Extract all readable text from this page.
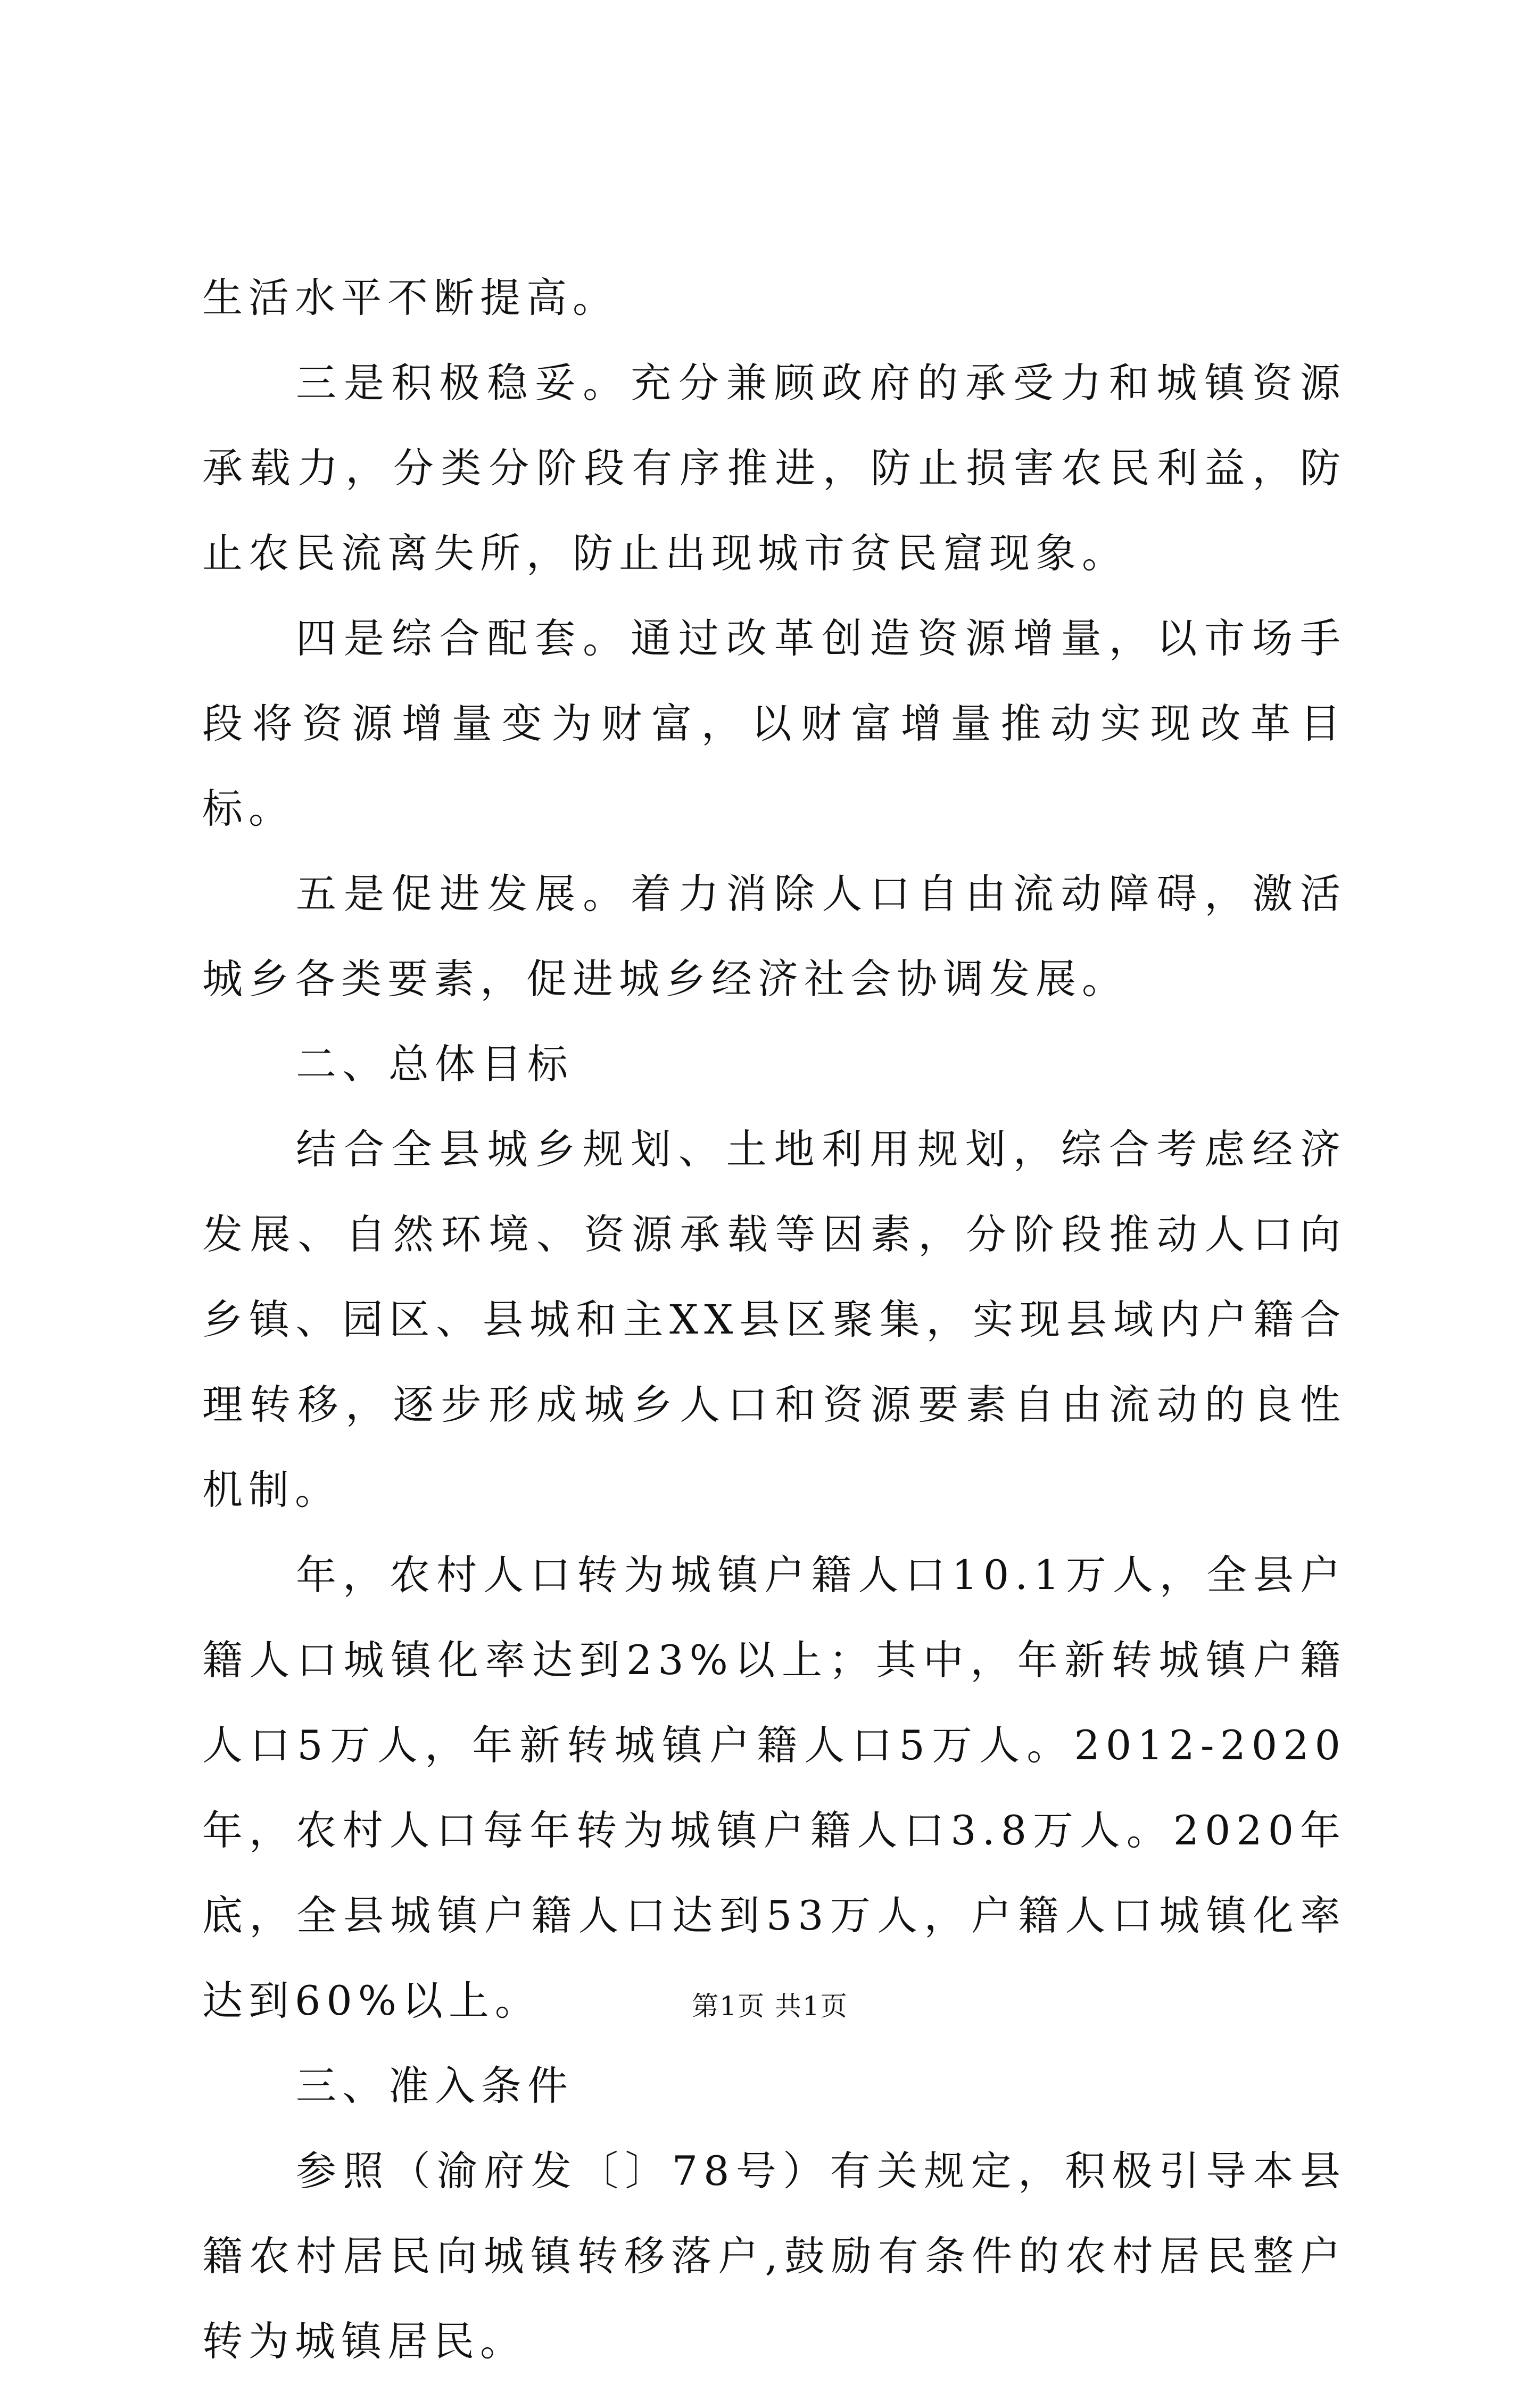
生活水平不断提高。

三是积极稳妥。充分兼顾政府的承受力和城镇资源承载力，分类分阶段有序推进，防止损害农民利益，防止农民流离失所，防止出现城市贫民窟现象。

四是综合配套。通过改革创造资源增量，以市场手段将资源增量变为财富，以财富增量推动实现改革目标。

五是促进发展。着力消除人口自由流动障碍，激活城乡各类要素，促进城乡经济社会协调发展。

二、总体目标

结合全县城乡规划、土地利用规划，综合考虑经济发展、自然环境、资源承载等因素，分阶段推动人口向乡镇、园区、县城和主XX县区聚集，实现县域内户籍合理转移，逐步形成城乡人口和资源要素自由流动的良性机制。

年，农村人口转为城镇户籍人口10.1万人，全县户籍人口城镇化率达到23%以上；其中，年新转城镇户籍人口5万人，年新转城镇户籍人口5万人。2012-2020年，农村人口每年转为城镇户籍人口3.8万人。2020年底，全县城镇户籍人口达到53万人，户籍人口城镇化率达到60%以上。

三、准入条件

参照（渝府发〔〕78号）有关规定，积极引导本县籍农村居民向城镇转移落户,鼓励有条件的农村居民整户转为城镇居民。

第1页 共1页
